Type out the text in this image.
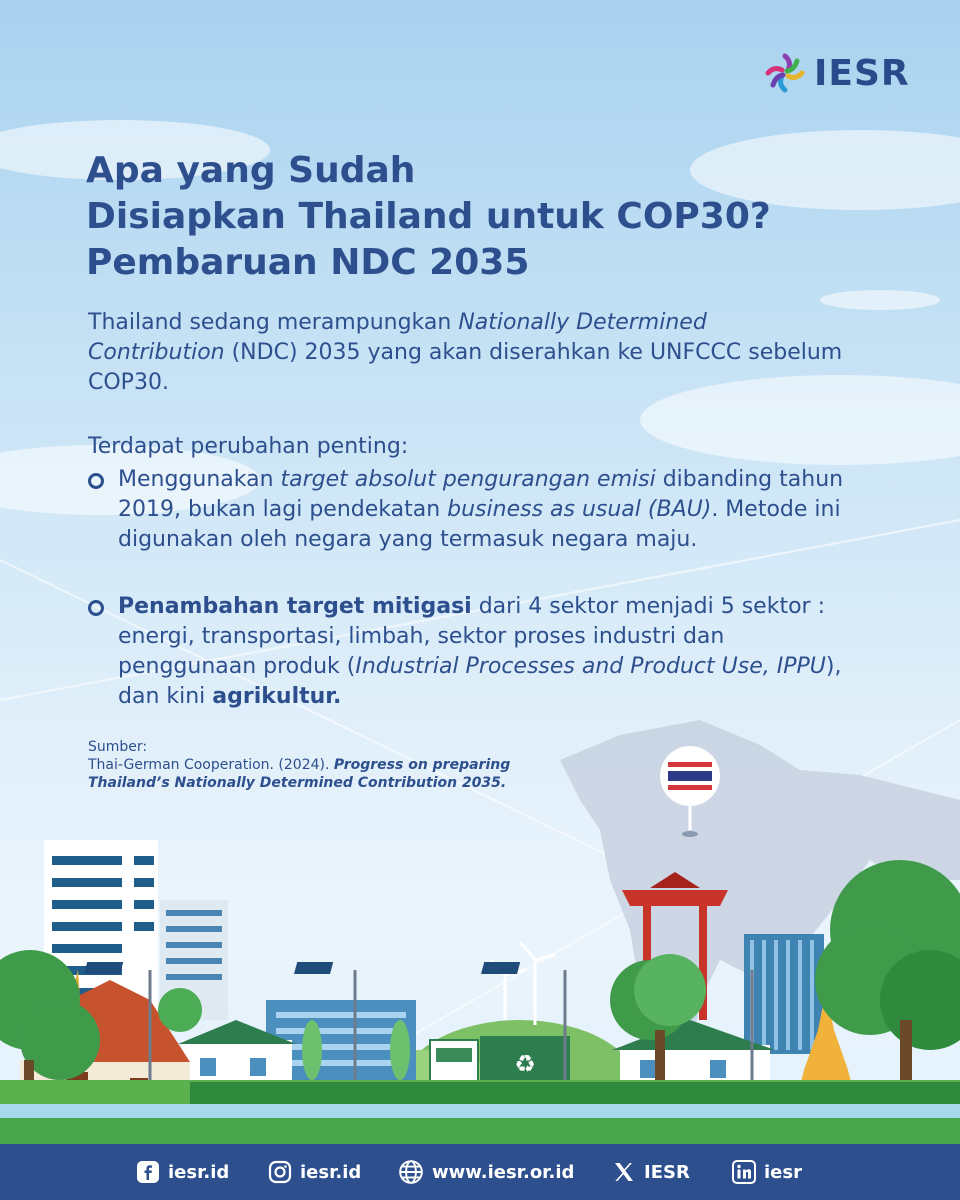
♻
IESR
Apa yang Sudah
Disiapkan Thailand untuk COP30?
Pembaruan NDC 2035
Thailand sedang merampungkan Nationally Determined Contribution (NDC) 2035 yang akan diserahkan ke UNFCCC sebelum COP30.
Terdapat perubahan penting:
Menggunakan target absolut pengurangan emisi dibanding tahun 2019, bukan lagi pendekatan business as usual (BAU). Metode ini digunakan oleh negara yang termasuk negara maju.
Penambahan target mitigasi dari 4 sektor menjadi 5 sektor : energi, transportasi, limbah, sektor proses industri dan penggunaan produk (Industrial Processes and Product Use, IPPU), dan kini agrikultur.
Sumber:
Thai-German Cooperation. (2024). Progress on preparing Thailand’s Nationally Determined Contribution 2035.
iesr.id	iesr.id	www.iesr.or.id	IESR	iesr
